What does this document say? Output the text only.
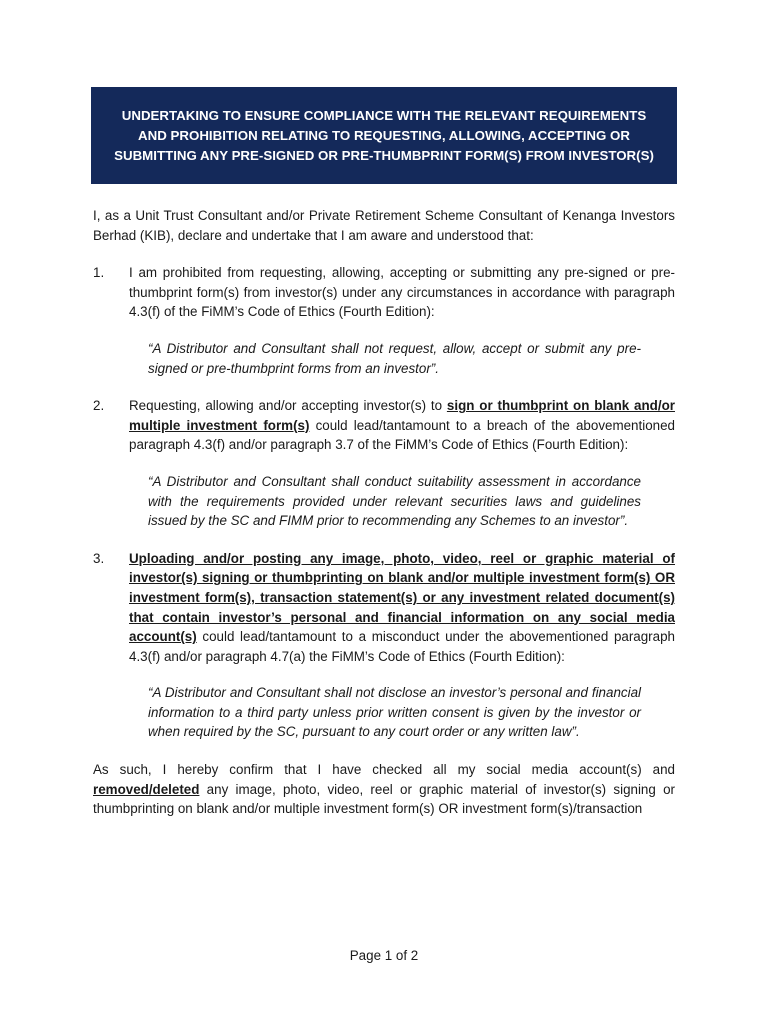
UNDERTAKING TO ENSURE COMPLIANCE WITH THE RELEVANT REQUIREMENTS
AND PROHIBITION RELATING TO REQUESTING, ALLOWING, ACCEPTING OR
SUBMITTING ANY PRE-SIGNED OR PRE-THUMBPRINT FORM(S) FROM INVESTOR(S)

I, as a Unit Trust Consultant and/or Private Retirement Scheme Consultant of Kenanga Investors Berhad (KIB), declare and undertake that I am aware and understood that:

1.	I am prohibited from requesting, allowing, accepting or submitting any pre-signed or pre-thumbprint form(s) from investor(s) under any circumstances in accordance with paragraph 4.3(f) of the FiMM’s Code of Ethics (Fourth Edition):

“A Distributor and Consultant shall not request, allow, accept or submit any pre-signed or pre-thumbprint forms from an investor”.

2.	Requesting, allowing and/or accepting investor(s) to sign or thumbprint on blank and/or multiple investment form(s) could lead/tantamount to a breach of the abovementioned paragraph 4.3(f) and/or paragraph 3.7 of the FiMM’s Code of Ethics (Fourth Edition):

“A Distributor and Consultant shall conduct suitability assessment in accordance with the requirements provided under relevant securities laws and guidelines issued by the SC and FIMM prior to recommending any Schemes to an investor”.

3.	Uploading and/or posting any image, photo, video, reel or graphic material of investor(s) signing or thumbprinting on blank and/or multiple investment form(s) OR investment form(s), transaction statement(s) or any investment related document(s) that contain investor’s personal and financial information on any social media account(s) could lead/tantamount to a misconduct under the abovementioned paragraph 4.3(f) and/or paragraph 4.7(a) the FiMM’s Code of Ethics (Fourth Edition):

“A Distributor and Consultant shall not disclose an investor’s personal and financial information to a third party unless prior written consent is given by the investor or when required by the SC, pursuant to any court order or any written law”.

As such, I hereby confirm that I have checked all my social media account(s) and removed/deleted any image, photo, video, reel or graphic material of investor(s) signing or thumbprinting on blank and/or multiple investment form(s) OR investment form(s)/transaction

Page 1 of 2
